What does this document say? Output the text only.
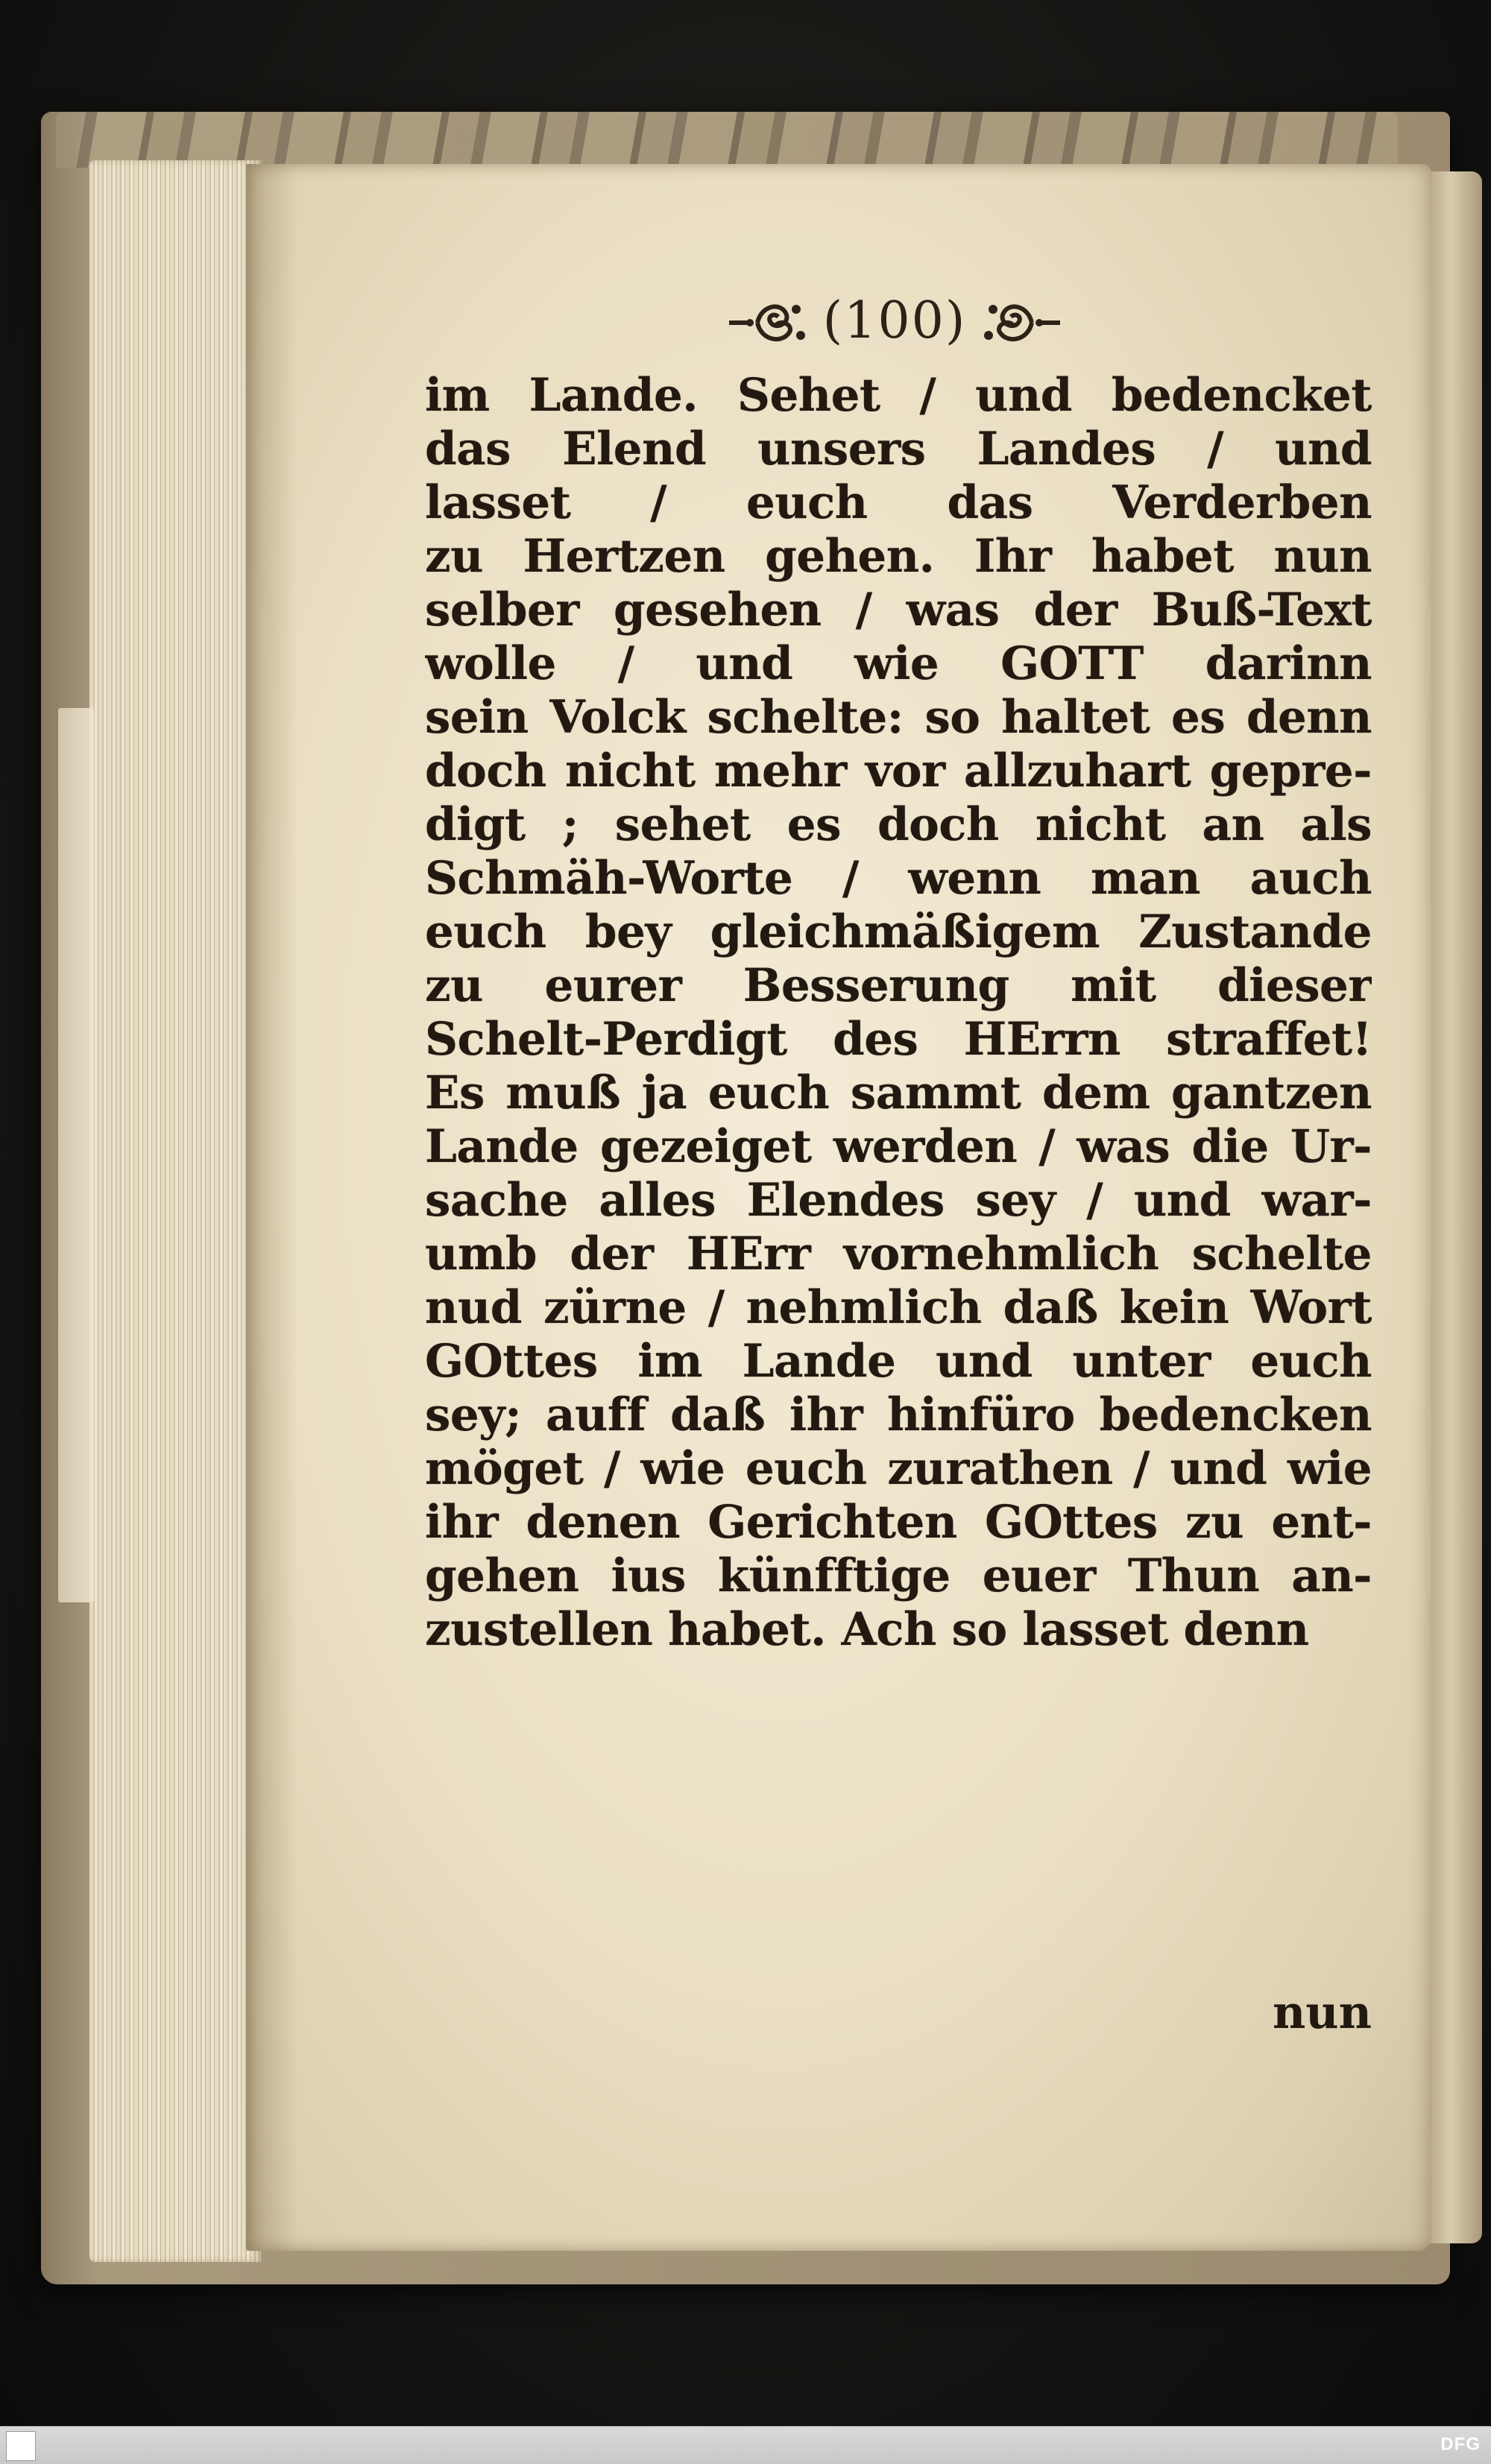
(100)
im Lande. Sehet / und bedencket
das Elend unsers Landes / und
lasset / euch das Verderben
zu Hertzen gehen. Ihr habet nun
selber gesehen / was der Buß-Text
wolle / und wie GOTT darinn
sein Volck schelte: so haltet es denn
doch nicht mehr vor allzuhart gepre-
digt ; sehet es doch nicht an als
Schmäh-Worte / wenn man auch
euch bey gleichmäßigem Zustande
zu eurer Besserung mit dieser
Schelt-Perdigt des HErrn straffet!
Es muß ja euch sammt dem gantzen
Lande gezeiget werden / was die Ur-
sache alles Elendes sey / und war-
umb der HErr vornehmlich schelte
nud zürne / nehmlich daß kein Wort
GOttes im Lande und unter euch
sey; auff daß ihr hinfüro bedencken
möget / wie euch zurathen / und wie
ihr denen Gerichten GOttes zu ent-
gehen ius künfftige euer Thun an-
zustellen habet. Ach so lasset denn
nun
DFG
